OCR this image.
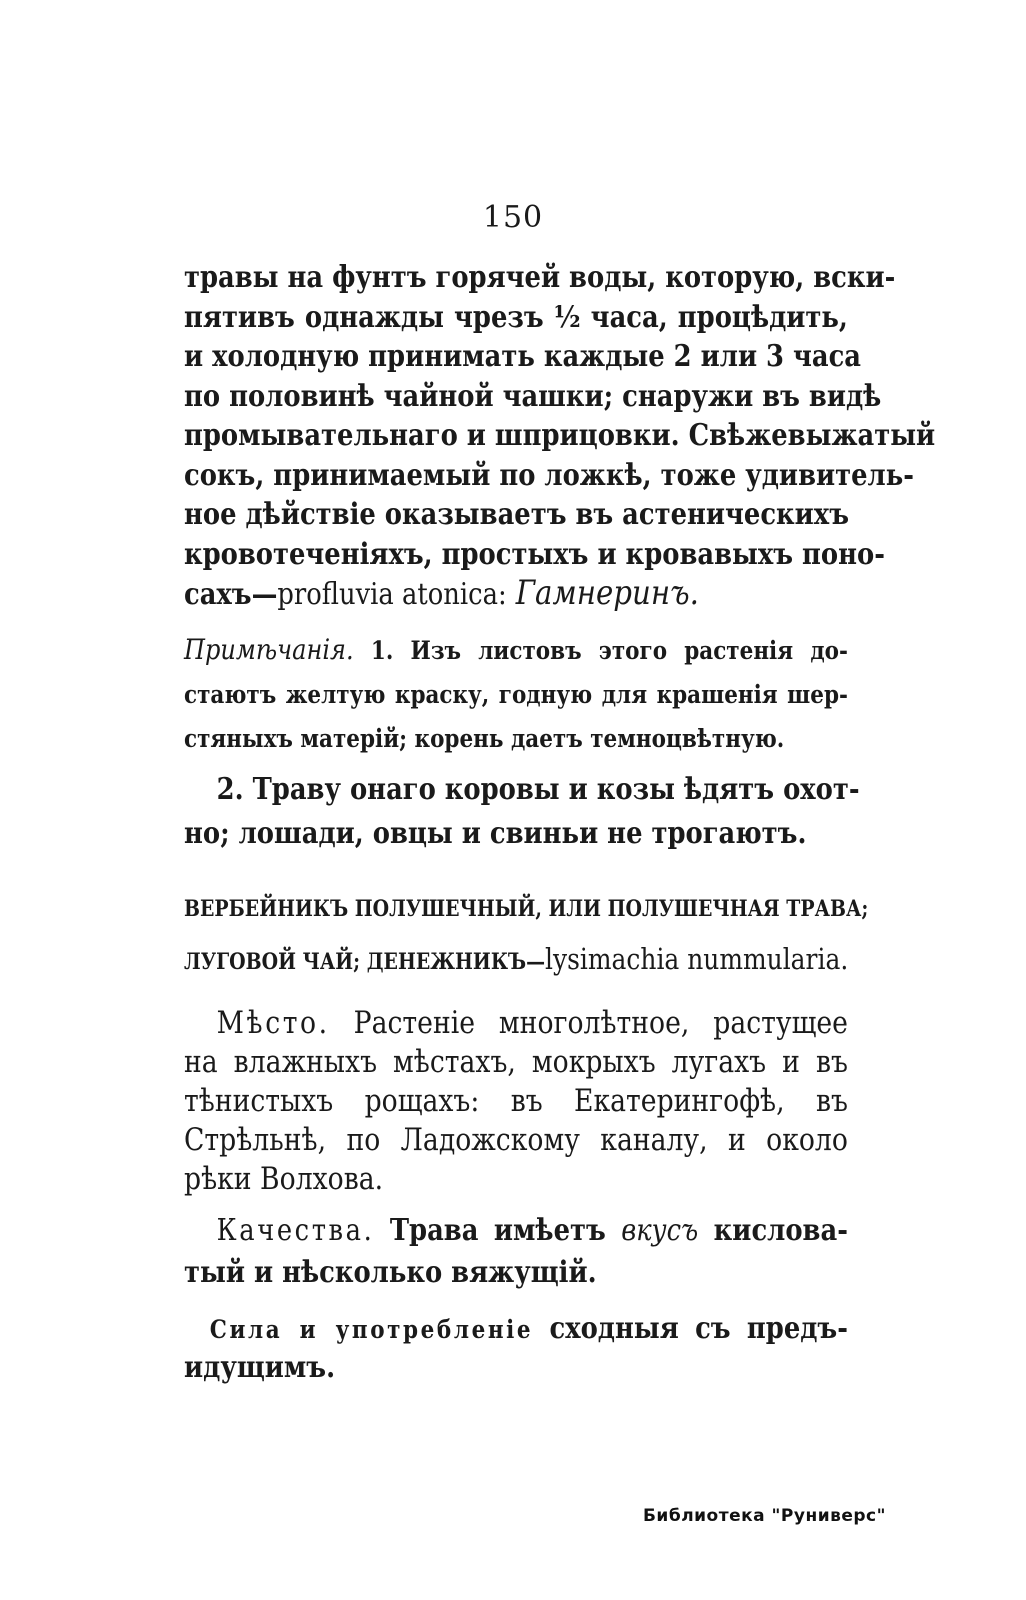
150
травы на фунтъ горячей воды, которую, вски-
пятивъ однажды чрезъ ½ часа, процѣдить,
и холодную принимать каждые 2 или 3 часа
по половинѣ чайной чашки; снаружи въ видѣ
промывательнаго и шприцовки. Свѣжевыжатый
сокъ, принимаемый по ложкѣ, тоже удивитель-
ное дѣйствіе оказываетъ въ астеническихъ
кровотеченіяхъ, простыхъ и кровавыхъ поно-
сахъ—profluvia atonica: Гамнеринъ.
Примѣчанія. 1. Изъ листовъ этого растенія до-
стаютъ желтую краску, годную для крашенія шер-
стяныхъ матерій; корень даетъ темноцвѣтную.
2. Траву онаго коровы и козы ѣдятъ охот-
но; лошади, овцы и свиньи не трогаютъ.
ВЕРБЕЙНИКЪ ПОЛУШЕЧНЫЙ, ИЛИ ПОЛУШЕЧНАЯ ТРАВА;
ЛУГОВОЙ ЧАЙ; ДЕНЕЖНИКЪ—lysimachia nummularia.
Мѣсто. Растеніе многолѣтное, растущее
на влажныхъ мѣстахъ, мокрыхъ лугахъ и въ
тѣнистыхъ рощахъ: въ Екатерингофѣ, въ
Стрѣльнѣ, по Ладожскому каналу, и около
рѣки Волхова.
Качества. Трава имѣетъ вкусъ кислова-
тый и нѣсколько вяжущій.
Сила и употребленіе сходныя съ предъ-
идущимъ.
Библиотека "Руниверс"
